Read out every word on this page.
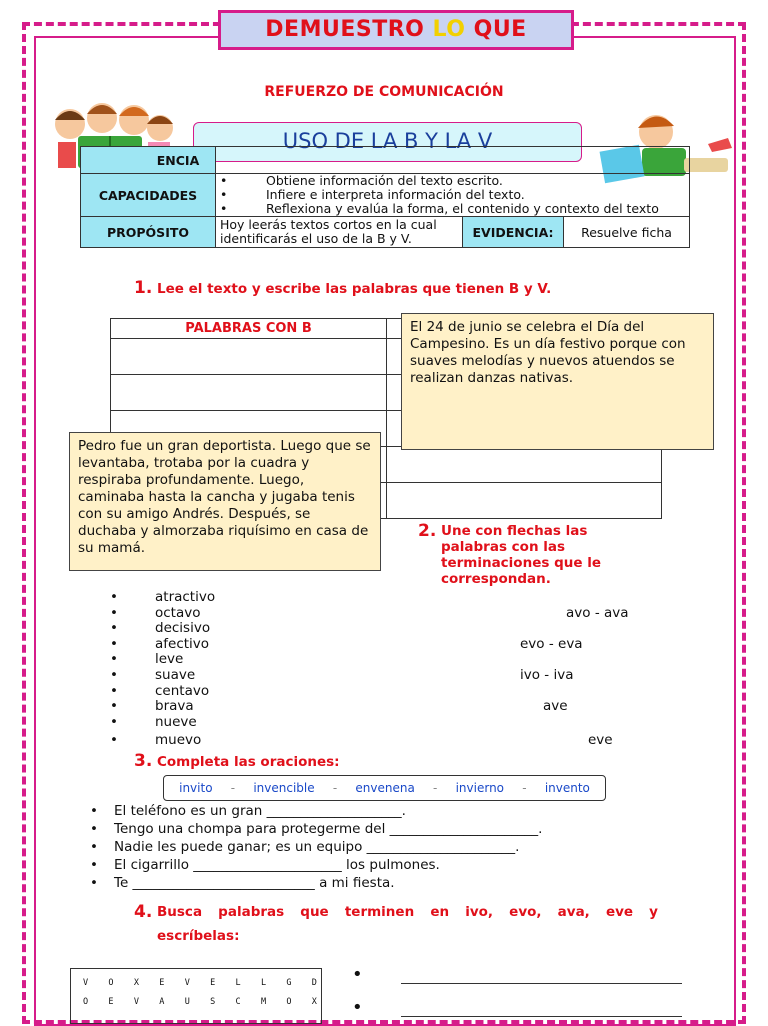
DEMUESTRO LO QUE
REFUERZO DE COMUNICACIÓN
USO DE LA B Y LA V
ENCIA			
CAPACIDADES	• Obtiene información del texto escrito.
• Infiere e interpreta información del texto.
• Reflexiona y evalúa la forma, el contenido y contexto del texto		

PROPÓSITO	Hoy leerás textos cortos en la cual identificarás el uso de la B y V.	EVIDENCIA:	Resuelve ficha
1. Lee el texto y escribe las palabras que tienen B y V.
PALABRAS CON B	

		El 24 de junio se celebra el Día del Campesino. Es un día festivo porque con suaves melodías y nuevos atuendos se realizan danzas nativas.
Pedro fue un gran deportista. Luego que se levantaba, trotaba por la cuadra y respiraba profundamente. Luego, caminaba hasta la cancha y jugaba tenis con su amigo Andrés. Después, se duchaba y almorzaba riquísimo en casa de su mamá.
2. Une con flechas las palabras con las terminaciones que le correspondan.
•	atractivo
•	octavo
•	decisivo
•	afectivo
•	leve
•	suave
•	centavo
•	brava
•	nueve
•	muevo
avo - ava
evo - eva
ivo - iva
ave
eve
3. Completa las oraciones:
invito - invencible - envenena - invierno - invento
• El teléfono es un gran ____________________.
• Tengo una chompa para protegerme del ______________________.
• Nadie les puede ganar; es un equipo ______________________.
• El cigarrillo ______________________ los pulmones.
• Te ___________________________ a mi fiesta.
4. Busca palabras que terminen en ivo, evo, ava, eve y escríbelas:
V O X E V E L L G D
O E V A U S C M O X
•
•
